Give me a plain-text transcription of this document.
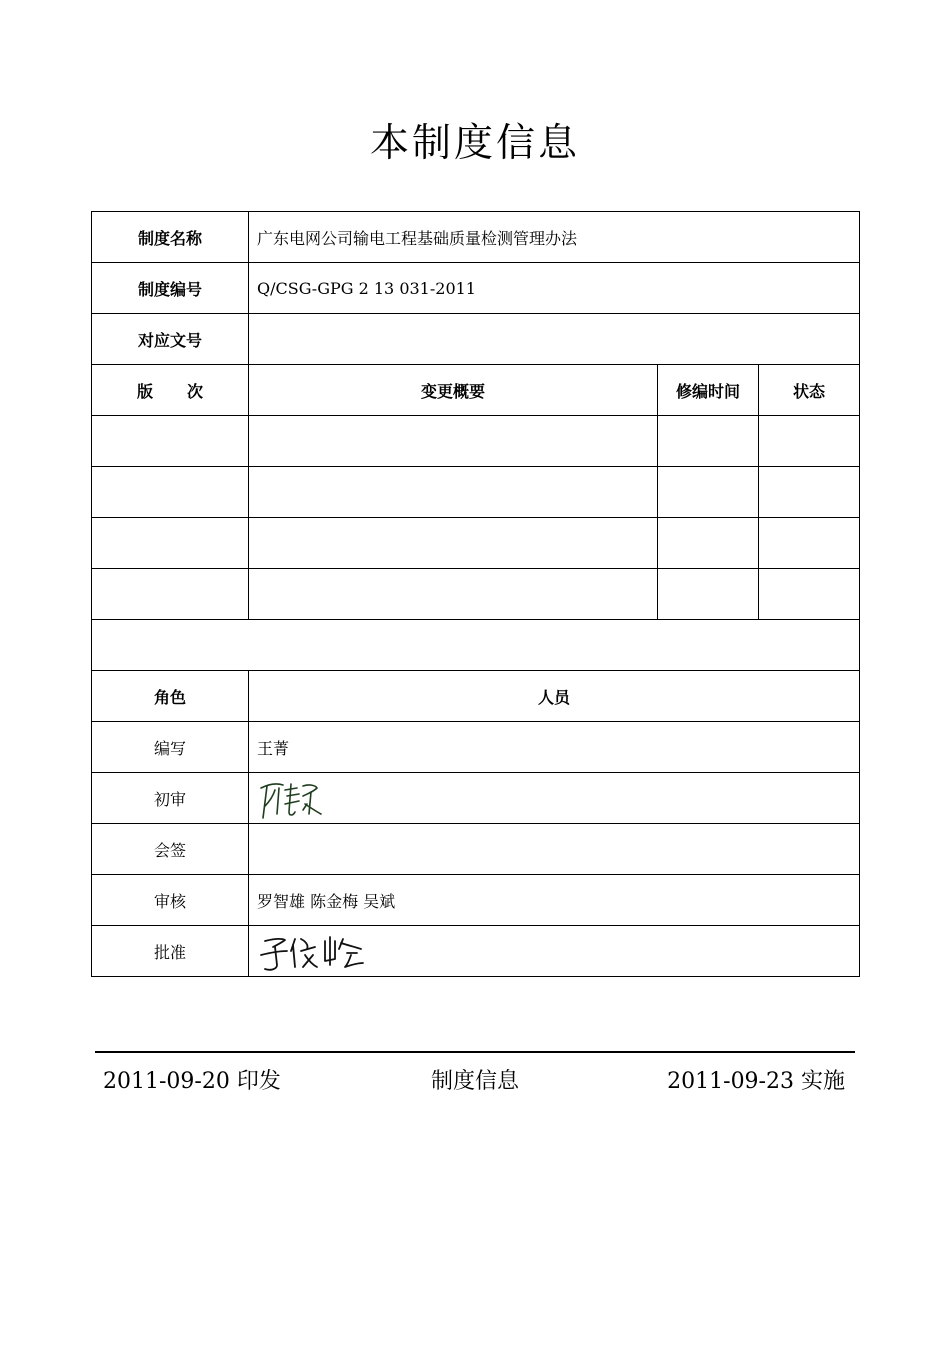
本制度信息
制度名称	广东电网公司输电工程基础质量检测管理办法		
制度编号	Q/CSG-GPG 2 13 031-2011		
对应文号			
版 次	变更概要	修编时间	状态

角色	人员		
编写	王菁		
初审	

会签			
审核	罗智雄 陈金梅 吴斌		
批准	
2011-09-20 印发	制度信息	2011-09-23 实施
